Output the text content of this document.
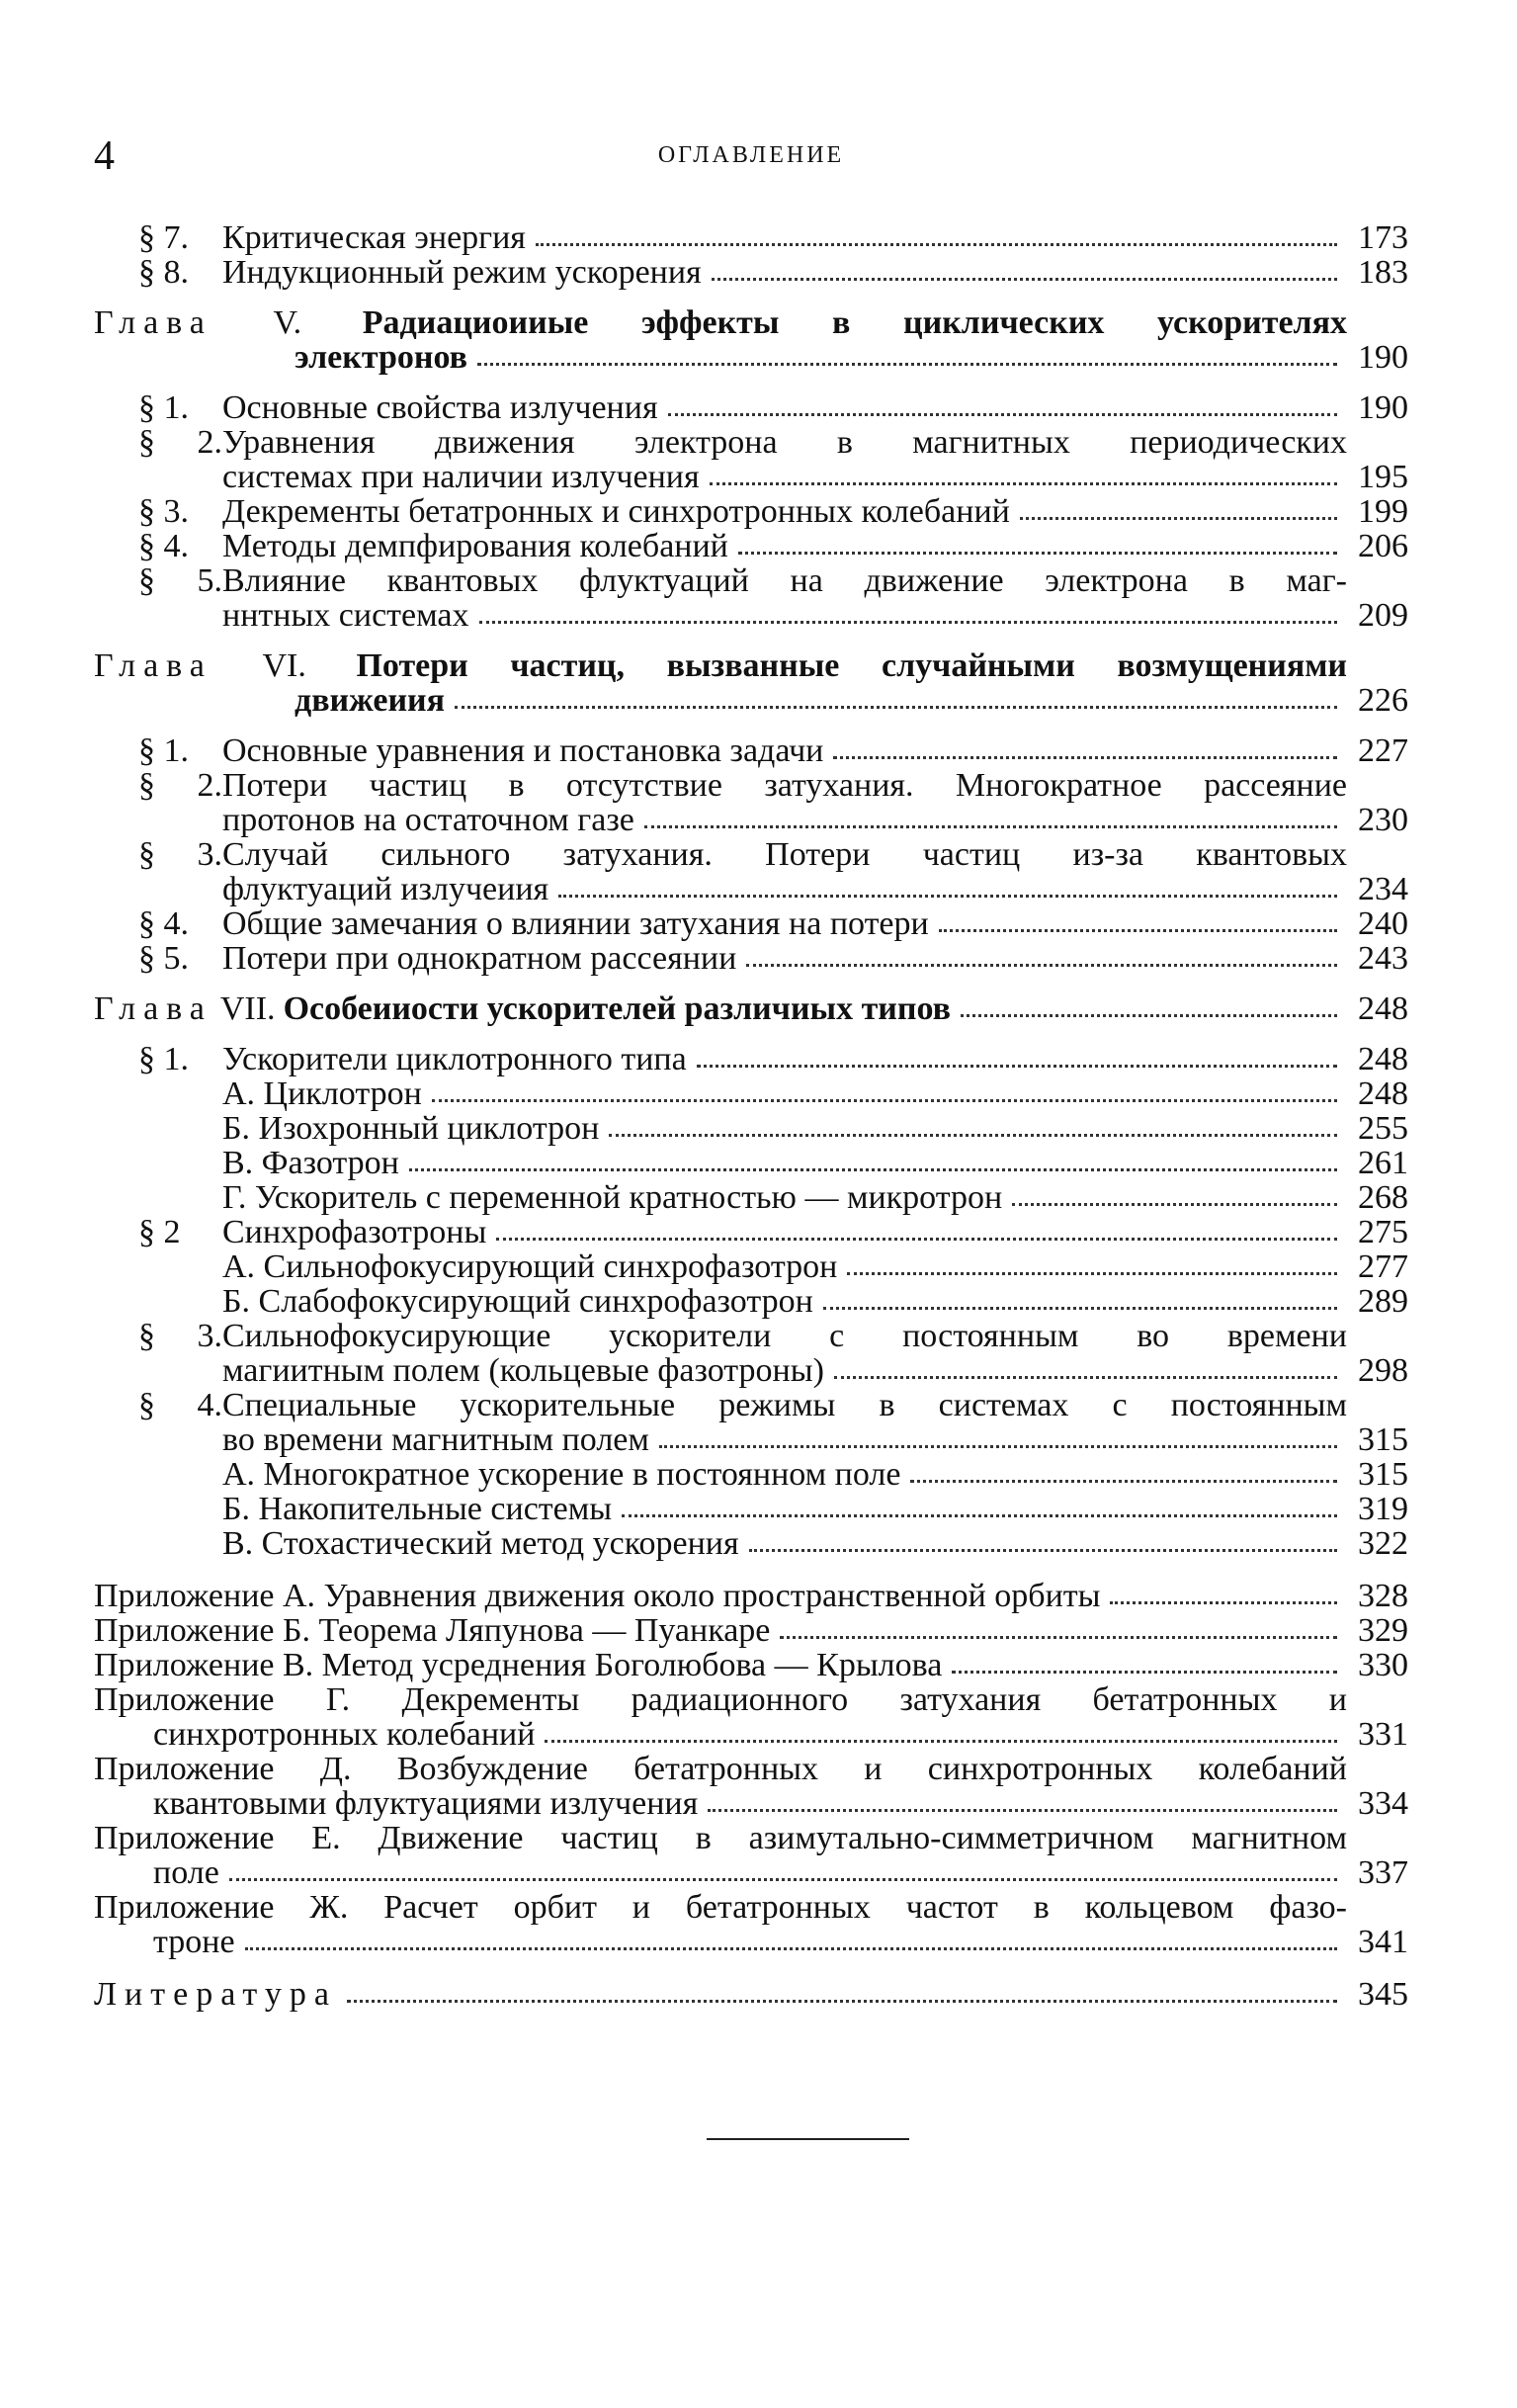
4	ОГЛАВЛЕНИЕ
§ 7.	Критическая энергия	173
§ 8.	Индукционный режим ускорения	183
Глава V. Радиациоииые эффекты в циклических ускорителях
электронов	190
§ 1.	Основные свойства излучения	190
§ 2.Уравнения движения электрона в магнитных периодических
системах при наличии излучения	195
§ 3.	Декременты бетатронных и синхротронных колебаний	199
§ 4.	Методы демпфирования колебаний	206
§ 5.Влияние квантовых флуктуаций на движение электрона в маг-
ннтных системах	209
Глава VI. Потери частиц, вызванные случайными возмущениями
движеиия	226
§ 1.	Основные уравнения и постановка задачи	227
§ 2.Потери частиц в отсутствие затухания. Многократное рассеяние
протонов на остаточном газе	230
§ 3.Случай сильного затухания. Потери частиц из-за квантовых
флуктуаций излучеиия	234
§ 4.	Общие замечания о влиянии затухания на потери	240
§ 5.	Потери при однократном рассеянии	243
Глава VII. Особеииости ускорителей различиых типов	248
§ 1.	Ускорители циклотронного типа	248
А. Циклотрон	248
Б. Изохронный циклотрон	255
В. Фазотрон	261
Г. Ускоритель с переменной кратностью — микротрон	268
§ 2	Синхрофазотроны	275
А. Сильнофокусирующий синхрофазотрон	277
Б. Слабофокусирующий синхрофазотрон	289
§ 3.Сильнофокусирующие ускорители с постоянным во времени
магиитным полем (кольцевые фазотроны)	298
§ 4.Специальные ускорительные режимы в системах с постоянным
во времени магнитным полем	315
А. Многократное ускорение в постоянном поле	315
Б. Накопительные системы	319
В. Стохастический метод ускорения	322
Приложение А. Уравнения движения около пространственной орбиты	328
Приложение Б. Теорема Ляпунова — Пуанкаре	329
Приложение В. Метод усреднения Боголюбова — Крылова	330
Приложение Г. Декременты радиационного затухания бетатронных и
синхротронных колебаний	331
Приложение Д. Возбуждение бетатронных и синхротронных колебаний
квантовыми флуктуациями излучения	334
Приложение Е. Движение частиц в азимутально-симметричном магнитном
поле	337
Приложение Ж. Расчет орбит и бетатронных частот в кольцевом фазо-
троне	341
Литература	345
